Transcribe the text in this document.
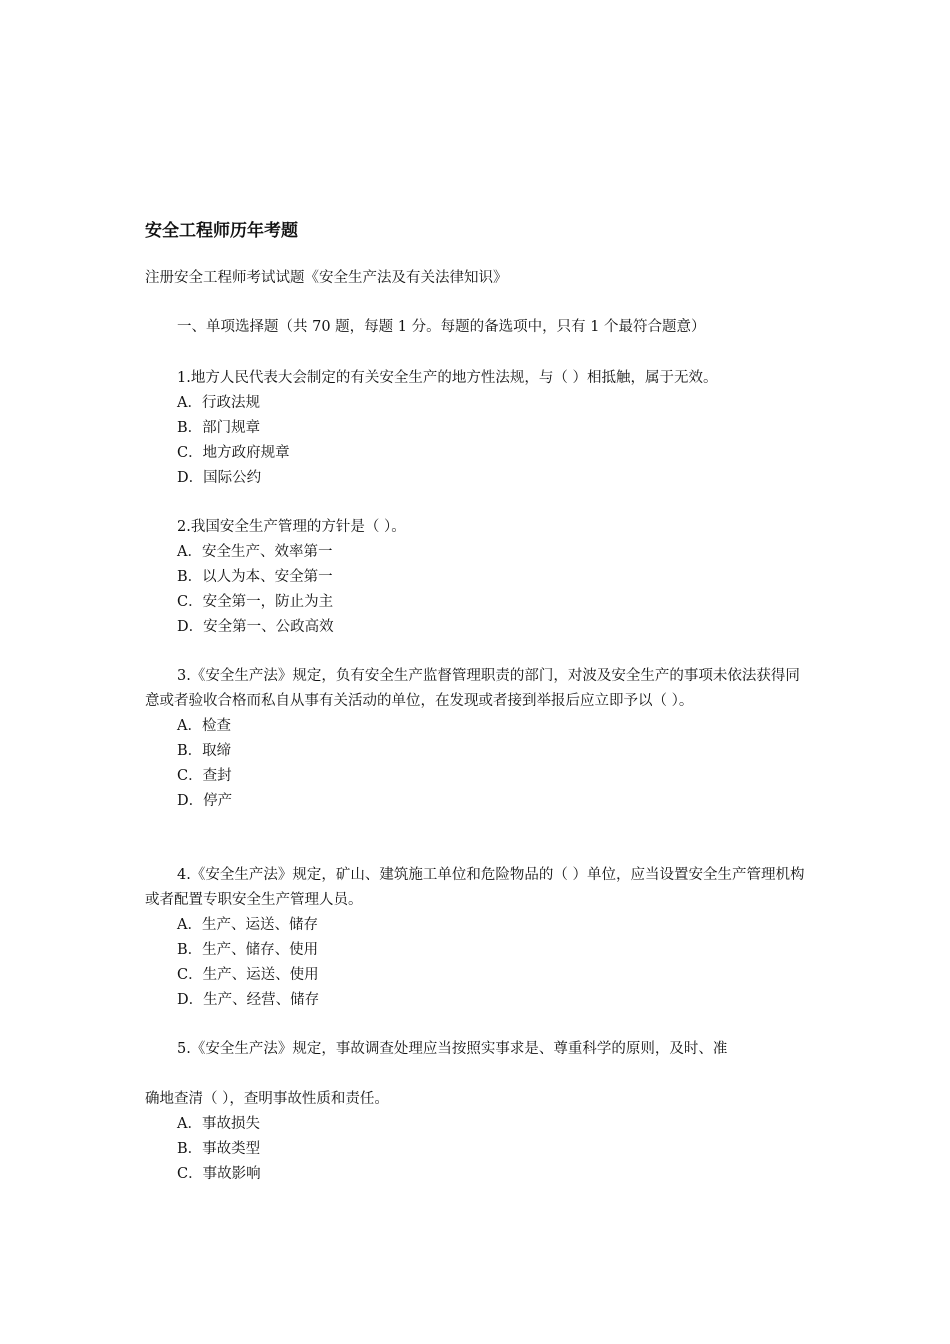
安全工程师历年考题
注册安全工程师考试试题《安全生产法及有关法律知识》
一、单项选择题（共 70 题，每题 1 分。每题的备选项中，只有 1 个最符合题意）

1.地方人民代表大会制定的有关安全生产的地方性法规，与（ ）相抵触，属于无效。

A．行政法规
B．部门规章
C．地方政府规章
D．国际公约

2.我国安全生产管理的方针是（ ）。

A．安全生产、效率第一
B．以人为本、安全第一
C．安全第一，防止为主
D．安全第一、公政高效

3.《安全生产法》规定，负有安全生产监督管理职责的部门，对波及安全生产的事项未依法获得同意或者验收合格而私自从事有关活动的单位，在发现或者接到举报后应立即予以（ ）。

A．检查
B．取缔
C．查封
D．停产

4.《安全生产法》规定，矿山、建筑施工单位和危险物品的（ ）单位，应当设置安全生产管理机构或者配置专职安全生产管理人员。

A．生产、运送、储存
B．生产、储存、使用
C．生产、运送、使用
D．生产、经营、储存

5.《安全生产法》规定，事故调查处理应当按照实事求是、尊重科学的原则，及时、准

确地查清（ ），查明事故性质和责任。

A．事故损失
B．事故类型
C．事故影响
